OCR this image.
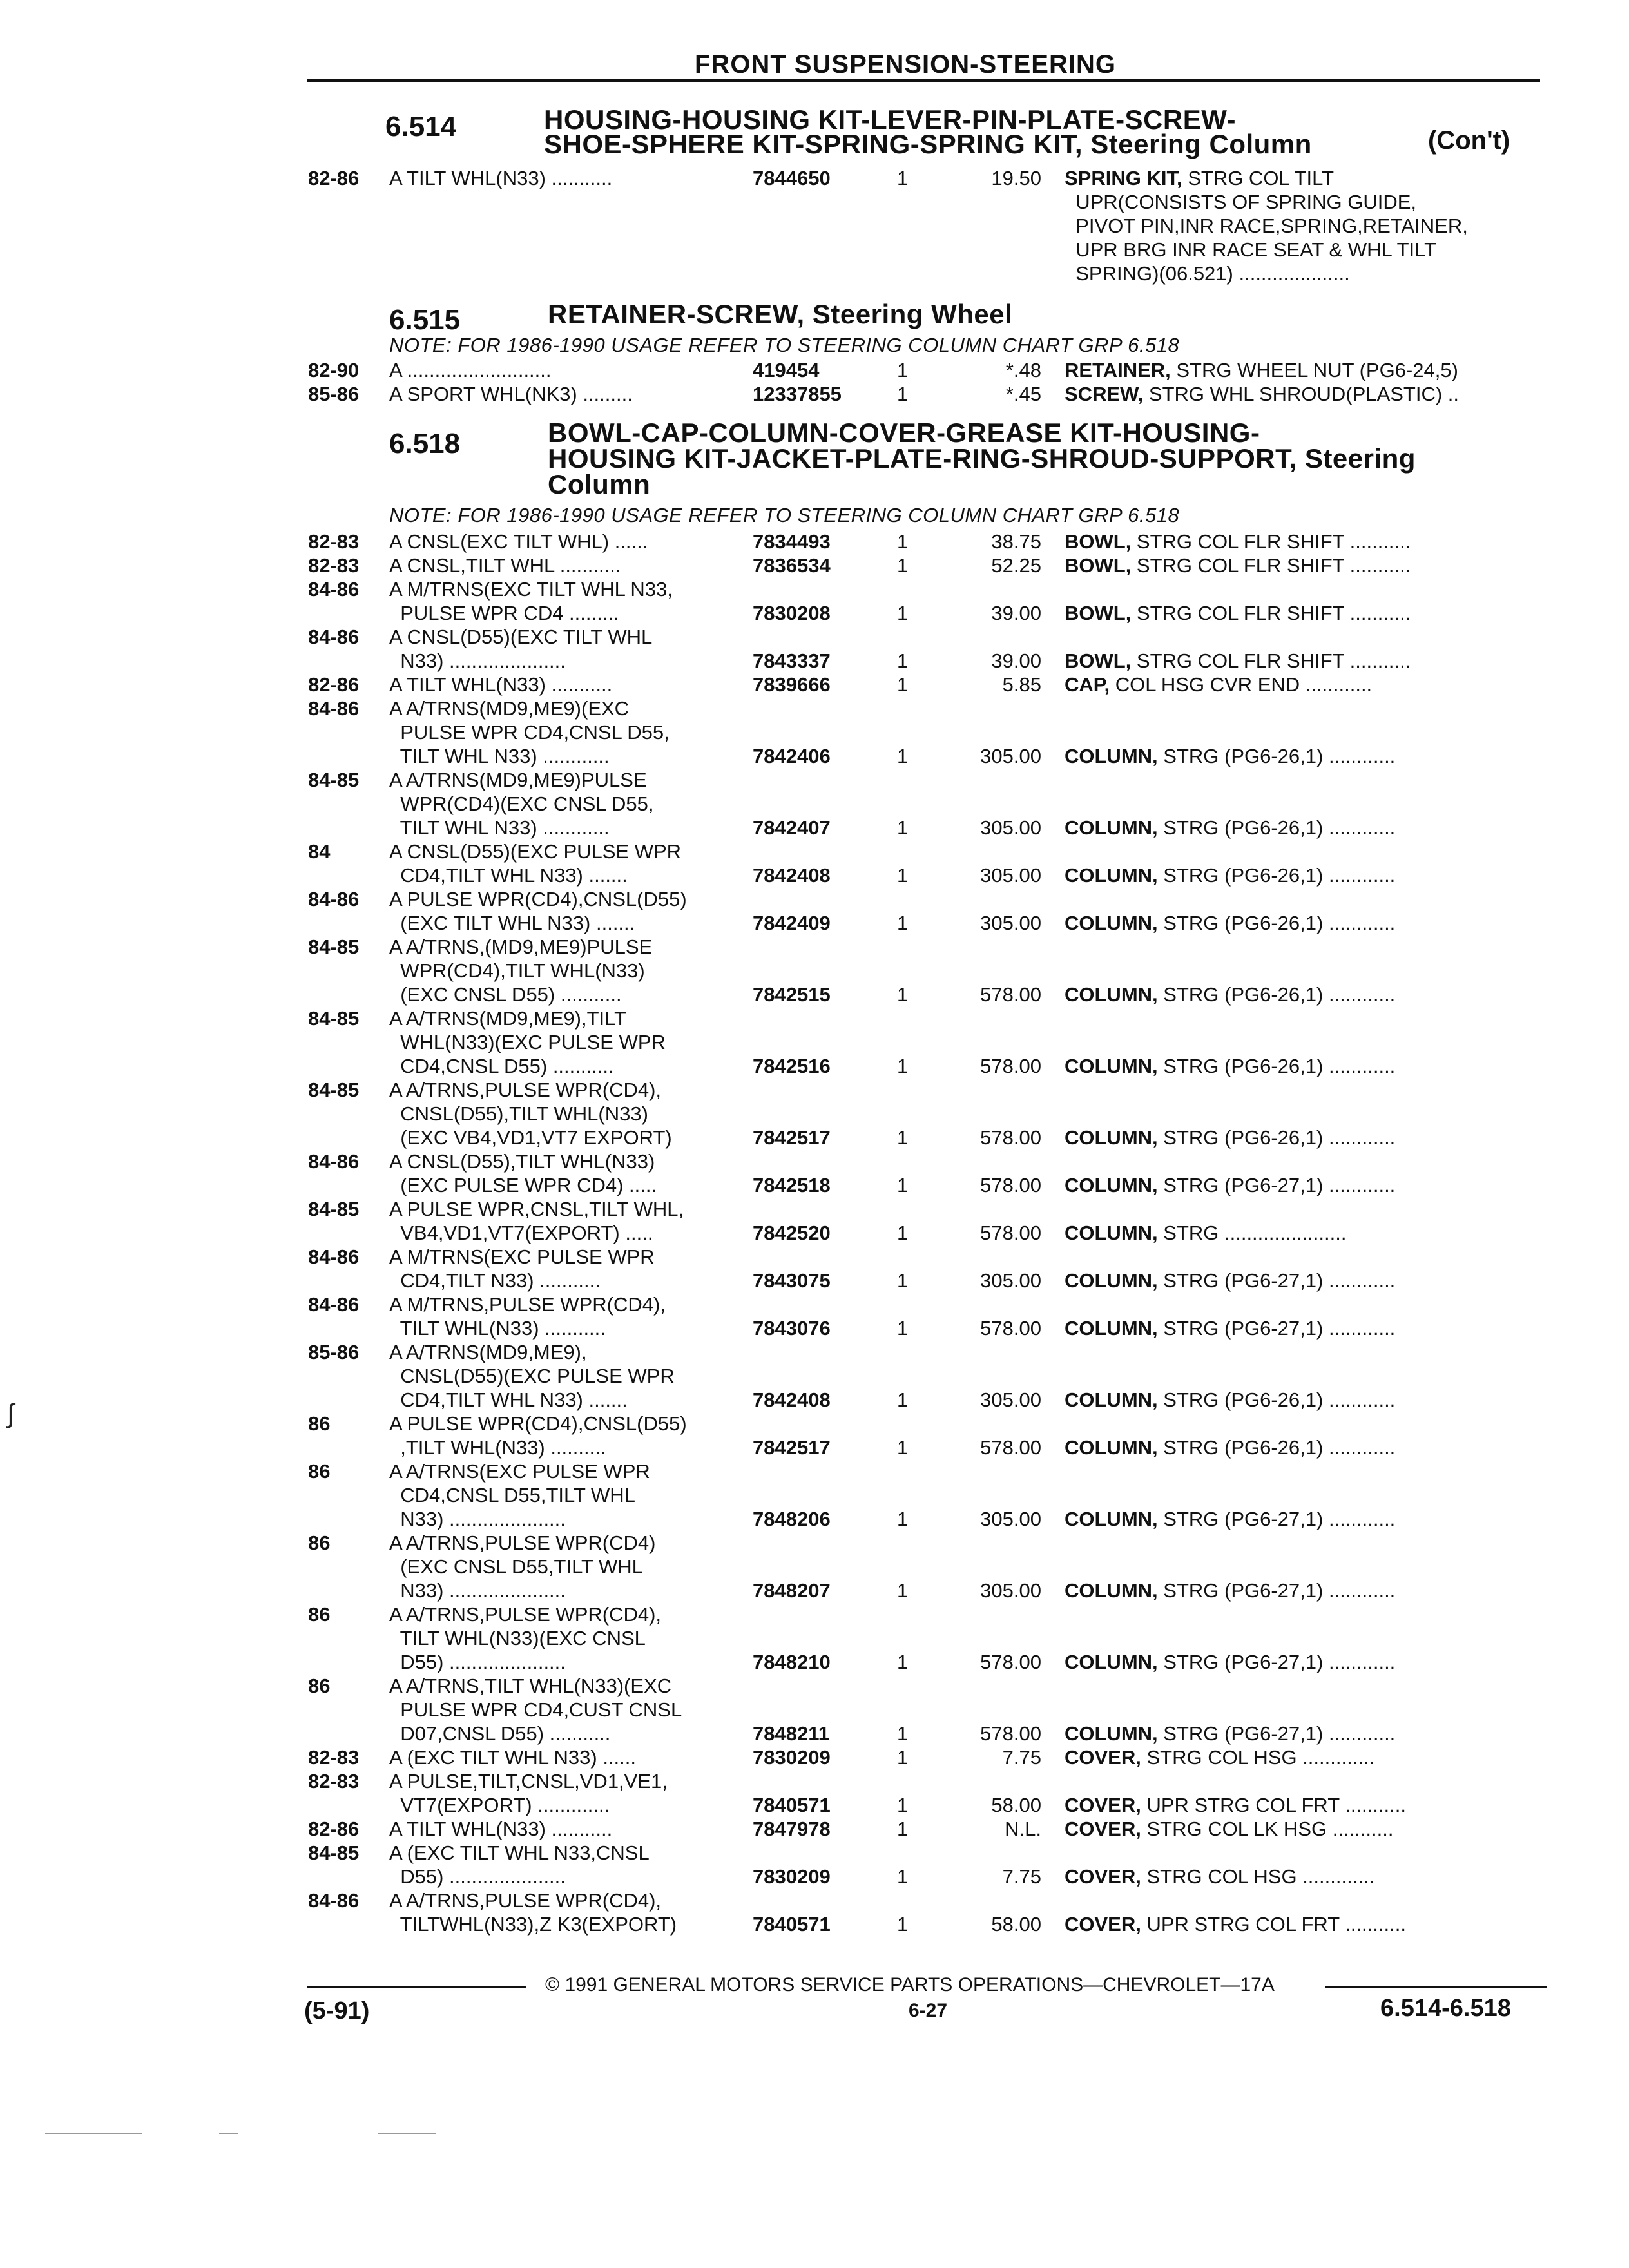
FRONT SUSPENSION-STEERING
6.514	HOUSING-HOUSING KIT-LEVER-PIN-PLATE-SCREW-
SHOE-SPHERE KIT-SPRING-SPRING KIT, Steering Column	(Con't)
82-86 A TILT WHL(N33) ...........	7844650	1	19.50 SPRING KIT, STRG COL TILT
UPR(CONSISTS OF SPRING GUIDE,
PIVOT PIN,INR RACE,SPRING,RETAINER,
UPR BRG INR RACE SEAT & WHL TILT
SPRING)(06.521) ....................
6.515	RETAINER-SCREW, Steering Wheel
NOTE: FOR 1986-1990 USAGE REFER TO STEERING COLUMN CHART GRP 6.518
82-90 A ..........................	419454	1	*.48 RETAINER, STRG WHEEL NUT (PG6-24,5)
85-86 A SPORT WHL(NK3) .........	12337855	1	*.45 SCREW, STRG WHL SHROUD(PLASTIC) ..
6.518	BOWL-CAP-COLUMN-COVER-GREASE KIT-HOUSING-
HOUSING KIT-JACKET-PLATE-RING-SHROUD-SUPPORT, Steering
Column
NOTE: FOR 1986-1990 USAGE REFER TO STEERING COLUMN CHART GRP 6.518
82-83 A CNSL(EXC TILT WHL) ......	7834493	1	38.75 BOWL, STRG COL FLR SHIFT ...........
82-83 A CNSL,TILT WHL ...........	7836534	1	52.25 BOWL, STRG COL FLR SHIFT ...........
84-86 A M/TRNS(EXC TILT WHL N33,
PULSE WPR CD4 .........	7830208	1	39.00 BOWL, STRG COL FLR SHIFT ...........
84-86 A CNSL(D55)(EXC TILT WHL
N33) .....................	7843337	1	39.00 BOWL, STRG COL FLR SHIFT ...........
82-86 A TILT WHL(N33) ...........	7839666	1	5.85 CAP, COL HSG CVR END ............
84-86 A A/TRNS(MD9,ME9)(EXC
PULSE WPR CD4,CNSL D55,
TILT WHL N33) ............	7842406	1	305.00 COLUMN, STRG (PG6-26,1) ............
84-85 A A/TRNS(MD9,ME9)PULSE
WPR(CD4)(EXC CNSL D55,
TILT WHL N33) ............	7842407	1	305.00 COLUMN, STRG (PG6-26,1) ............
84	A CNSL(D55)(EXC PULSE WPR
CD4,TILT WHL N33) .......	7842408	1	305.00 COLUMN, STRG (PG6-26,1) ............
84-86 A PULSE WPR(CD4),CNSL(D55)
(EXC TILT WHL N33) .......	7842409	1	305.00 COLUMN, STRG (PG6-26,1) ............
84-85 A A/TRNS,(MD9,ME9)PULSE
WPR(CD4),TILT WHL(N33)
(EXC CNSL D55) ...........	7842515	1	578.00 COLUMN, STRG (PG6-26,1) ............
84-85 A A/TRNS(MD9,ME9),TILT
WHL(N33)(EXC PULSE WPR
CD4,CNSL D55) ...........	7842516	1	578.00 COLUMN, STRG (PG6-26,1) ............
84-85 A A/TRNS,PULSE WPR(CD4),
CNSL(D55),TILT WHL(N33)
(EXC VB4,VD1,VT7 EXPORT)	7842517	1	578.00 COLUMN, STRG (PG6-26,1) ............
84-86 A CNSL(D55),TILT WHL(N33)
(EXC PULSE WPR CD4) .....	7842518	1	578.00 COLUMN, STRG (PG6-27,1) ............
84-85 A PULSE WPR,CNSL,TILT WHL,
VB4,VD1,VT7(EXPORT) .....	7842520	1	578.00 COLUMN, STRG ......................
84-86 A M/TRNS(EXC PULSE WPR
CD4,TILT N33) ...........	7843075	1	305.00 COLUMN, STRG (PG6-27,1) ............
84-86 A M/TRNS,PULSE WPR(CD4),
TILT WHL(N33) ...........	7843076	1	578.00 COLUMN, STRG (PG6-27,1) ............
85-86 A A/TRNS(MD9,ME9),
CNSL(D55)(EXC PULSE WPR
CD4,TILT WHL N33) .......	7842408	1	305.00 COLUMN, STRG (PG6-26,1) ............
86	A PULSE WPR(CD4),CNSL(D55)
,TILT WHL(N33) ..........	7842517	1	578.00 COLUMN, STRG (PG6-26,1) ............
86	A A/TRNS(EXC PULSE WPR
CD4,CNSL D55,TILT WHL
N33) .....................	7848206	1	305.00 COLUMN, STRG (PG6-27,1) ............
86	A A/TRNS,PULSE WPR(CD4)
(EXC CNSL D55,TILT WHL
N33) .....................	7848207	1	305.00 COLUMN, STRG (PG6-27,1) ............
86	A A/TRNS,PULSE WPR(CD4),
TILT WHL(N33)(EXC CNSL
D55) .....................	7848210	1	578.00 COLUMN, STRG (PG6-27,1) ............
86	A A/TRNS,TILT WHL(N33)(EXC
PULSE WPR CD4,CUST CNSL
D07,CNSL D55) ...........	7848211	1	578.00 COLUMN, STRG (PG6-27,1) ............
82-83 A (EXC TILT WHL N33) ......	7830209	1	7.75 COVER, STRG COL HSG .............
82-83 A PULSE,TILT,CNSL,VD1,VE1,
VT7(EXPORT) .............	7840571	1	58.00 COVER, UPR STRG COL FRT ...........
82-86 A TILT WHL(N33) ...........	7847978	1	N.L. COVER, STRG COL LK HSG ...........
84-85 A (EXC TILT WHL N33,CNSL
D55) .....................	7830209	1	7.75 COVER, STRG COL HSG .............
84-86 A A/TRNS,PULSE WPR(CD4),
TILTWHL(N33),Z K3(EXPORT)	7840571	1	58.00 COVER, UPR STRG COL FRT ...........
© 1991 GENERAL MOTORS SERVICE PARTS OPERATIONS—CHEVROLET—17A
(5-91)	6-27	6.514-6.518
ʃ
